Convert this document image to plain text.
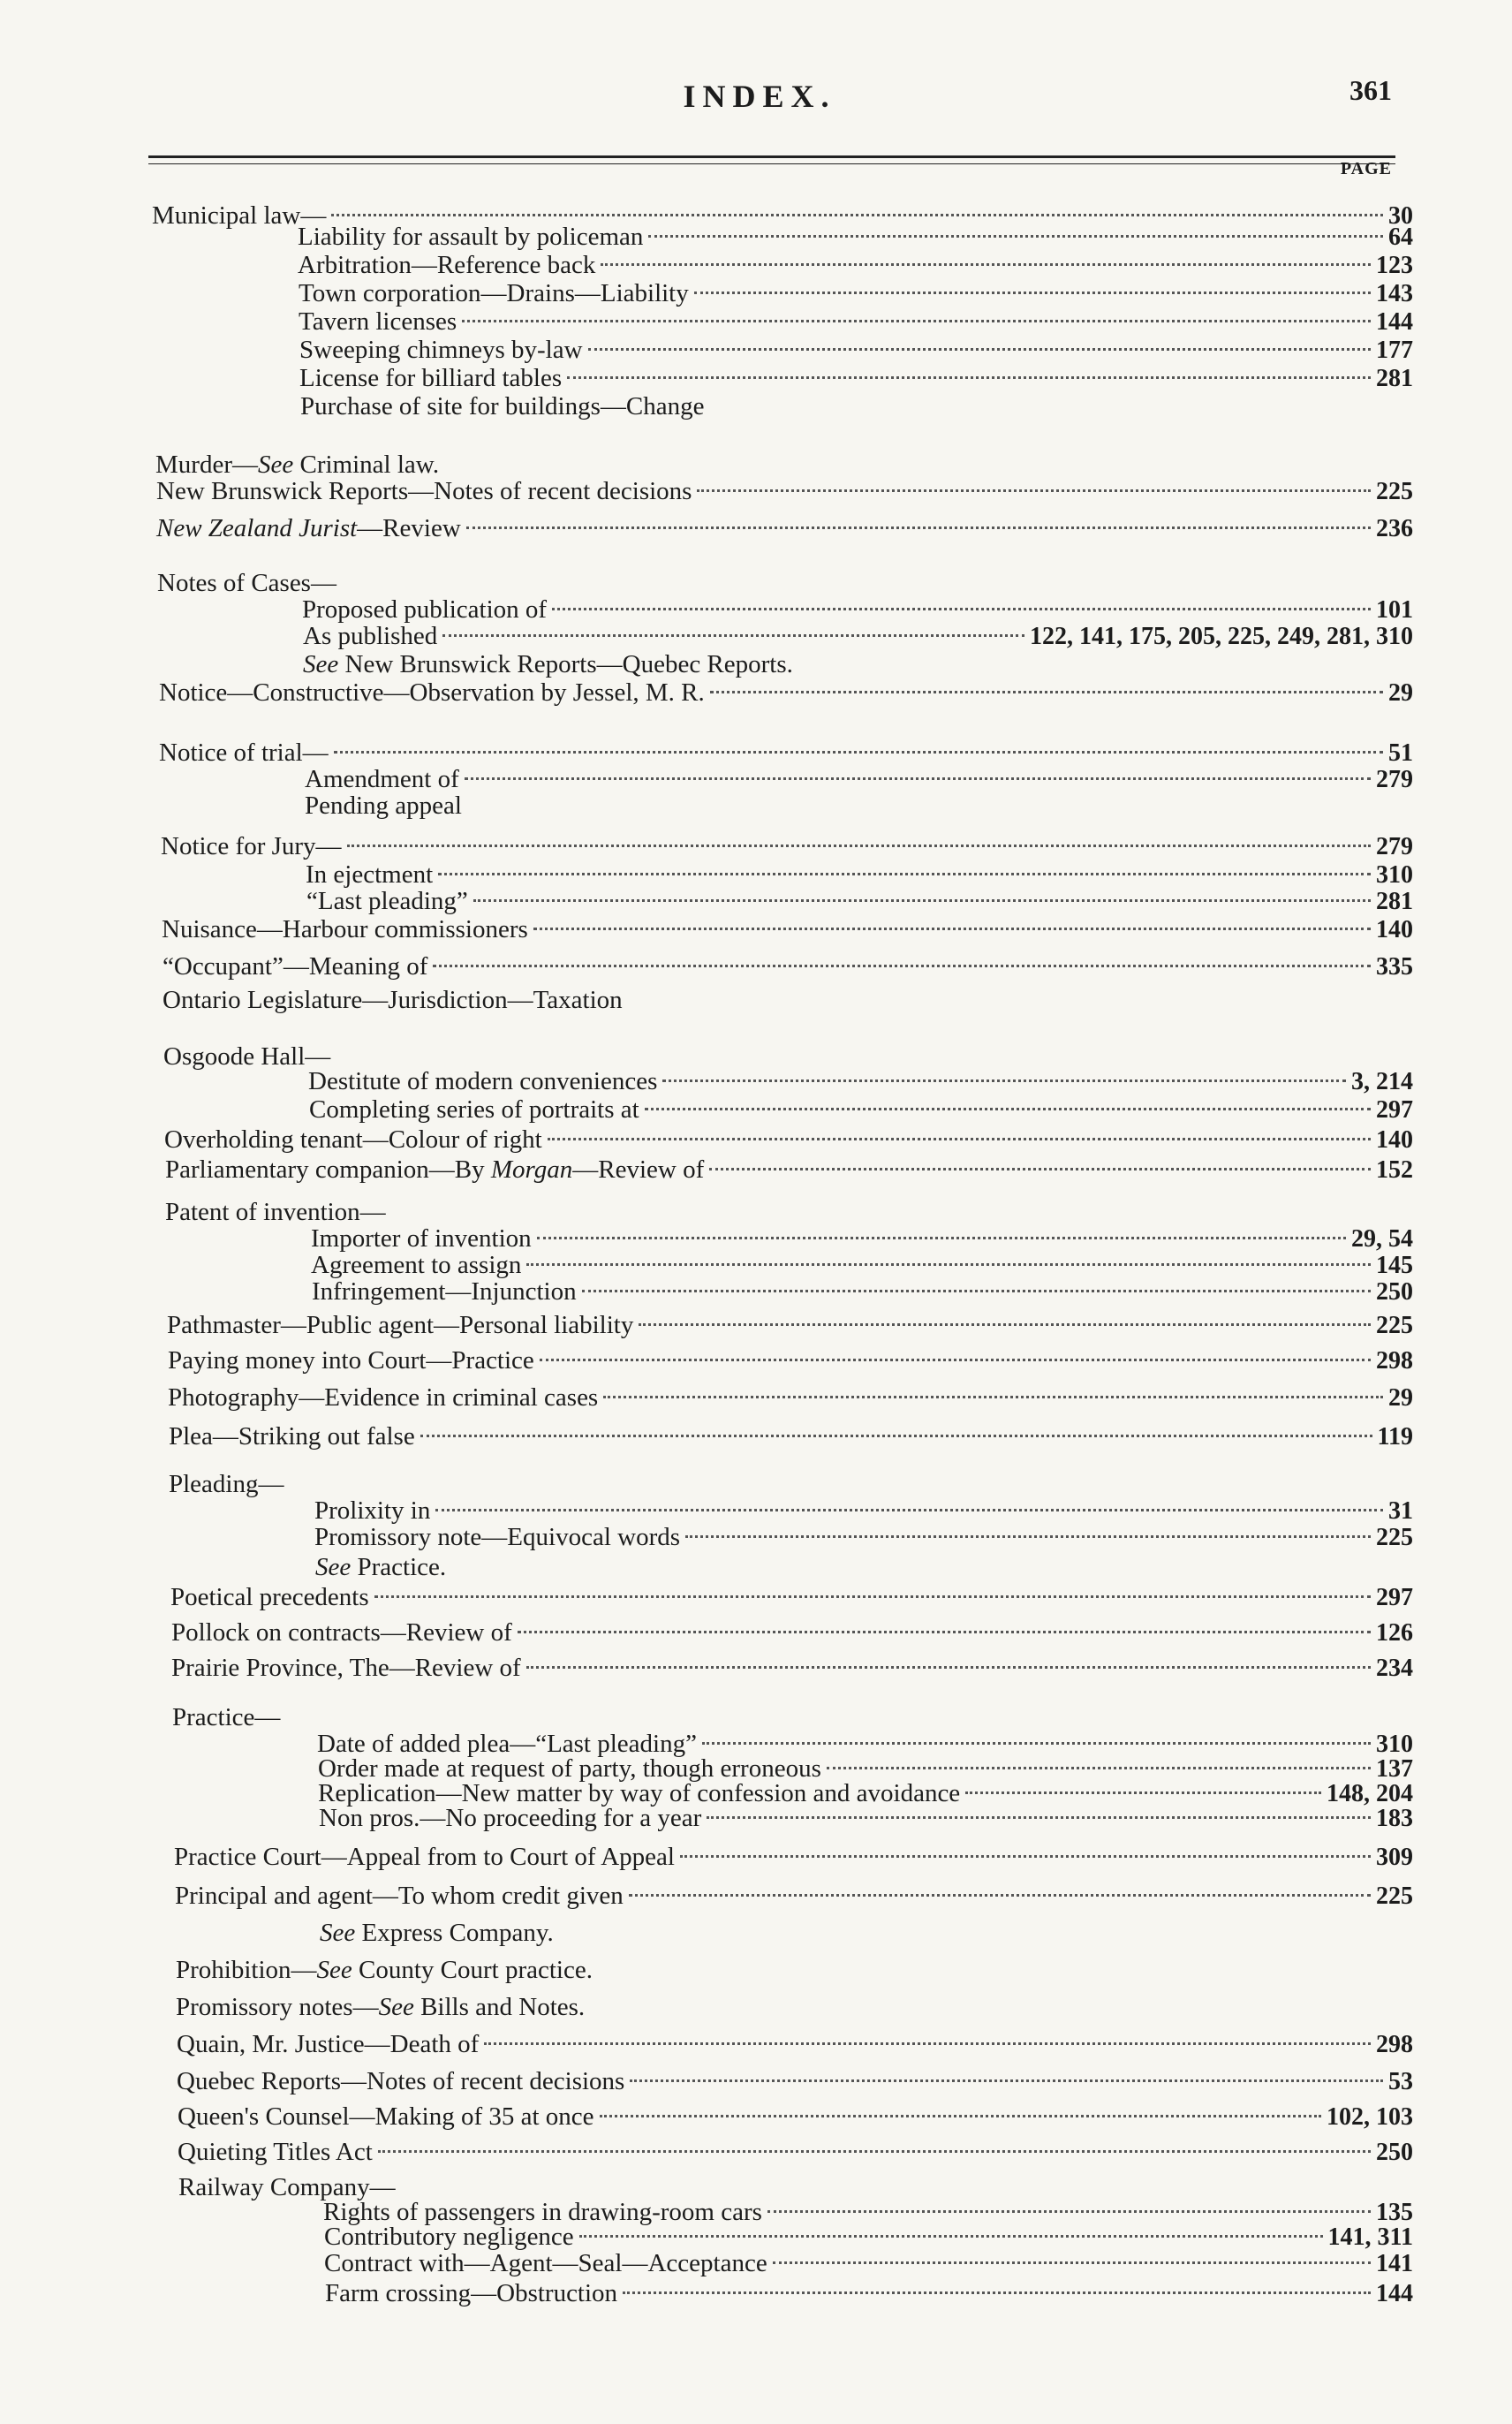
INDEX.	361
PAGE
Municipal law—	30
Liability for assault by policeman	64
Arbitration—Reference back	123
Town corporation—Drains—Liability	143
Tavern licenses	144
Sweeping chimneys by-law	177
License for billiard tables	281
Purchase of site for buildings—Change
Murder—See Criminal law.
New Brunswick Reports—Notes of recent decisions	225
New Zealand Jurist—Review	236
Notes of Cases—
Proposed publication of	101
As published	122, 141, 175, 205, 225, 249, 281, 310
See New Brunswick Reports—Quebec Reports.
Notice—Constructive—Observation by Jessel, M. R.	29
Notice of trial—	51
Amendment of	279
Pending appeal
Notice for Jury—	279
In ejectment	310
“Last pleading”	281
Nuisance—Harbour commissioners	140
“Occupant”—Meaning of	335
Ontario Legislature—Jurisdiction—Taxation
Osgoode Hall—
Destitute of modern conveniences	3, 214
Completing series of portraits at	297
Overholding tenant—Colour of right	140
Parliamentary companion—By Morgan—Review of	152
Patent of invention—
Importer of invention	29, 54
Agreement to assign	145
Infringement—Injunction	250
Pathmaster—Public agent—Personal liability	225
Paying money into Court—Practice	298
Photography—Evidence in criminal cases	29
Plea—Striking out false	119
Pleading—
Prolixity in	31
Promissory note—Equivocal words	225
See Practice.
Poetical precedents	297
Pollock on contracts—Review of	126
Prairie Province, The—Review of	234
Practice—
Date of added plea—“Last pleading”	310
Order made at request of party, though erroneous	137
Replication—New matter by way of confession and avoidance	148, 204
Non pros.—No proceeding for a year	183
Practice Court—Appeal from to Court of Appeal	309
Principal and agent—To whom credit given	225
See Express Company.
Prohibition—See County Court practice.
Promissory notes—See Bills and Notes.
Quain, Mr. Justice—Death of	298
Quebec Reports—Notes of recent decisions	53
Queen's Counsel—Making of 35 at once	102, 103
Quieting Titles Act	250
Railway Company—
Rights of passengers in drawing-room cars	135
Contributory negligence	141, 311
Contract with—Agent—Seal—Acceptance	141
Farm crossing—Obstruction	144
